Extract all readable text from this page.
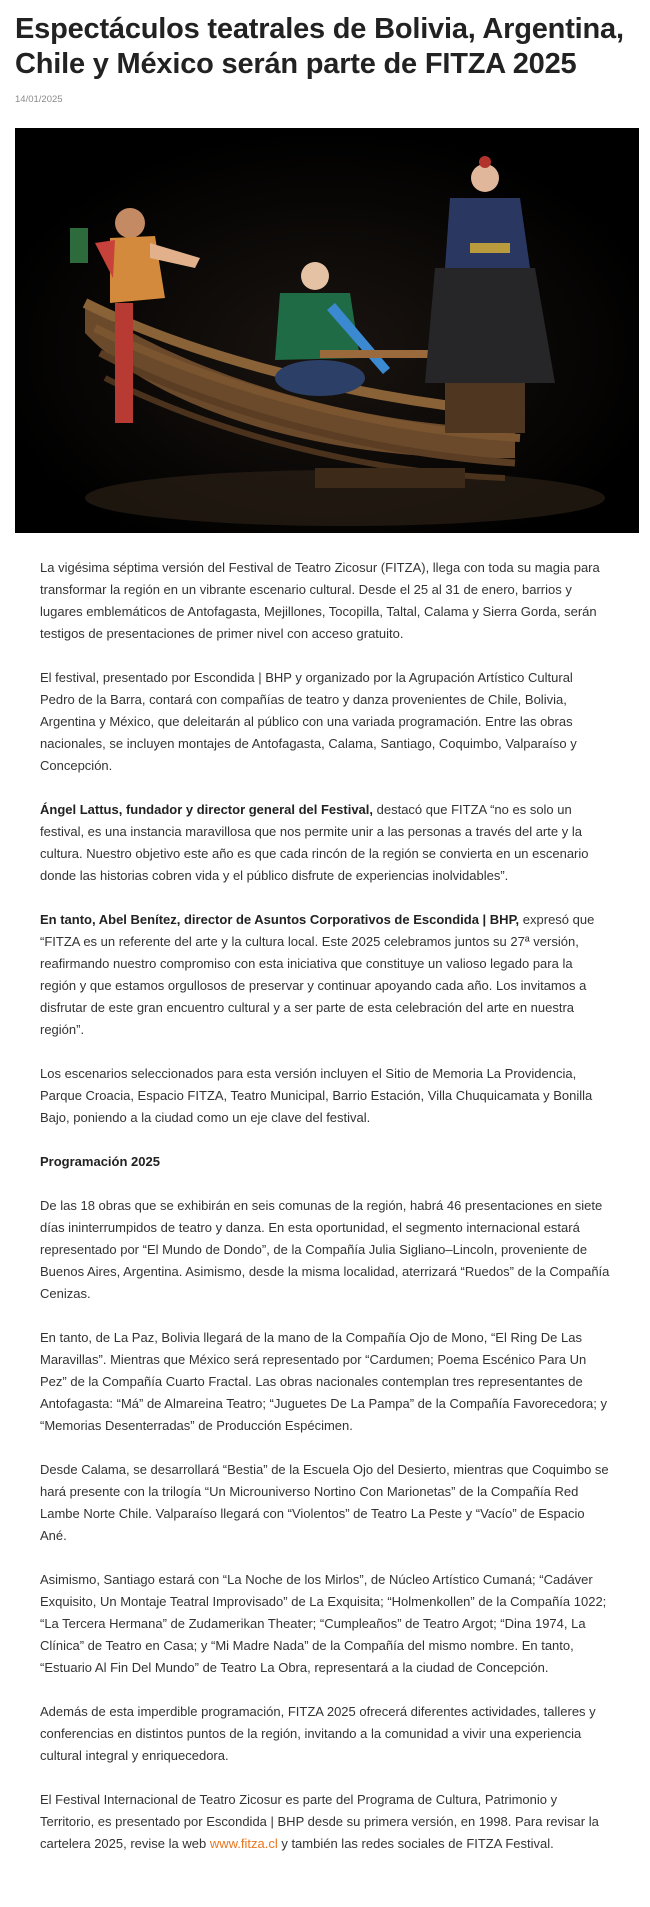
Espectáculos teatrales de Bolivia, Argentina, Chile y México serán parte de FITZA 2025
14/01/2025

La vigésima séptima versión del Festival de Teatro Zicosur (FITZA), llega con toda su magia para transformar la región en un vibrante escenario cultural. Desde el 25 al 31 de enero, barrios y lugares emblemáticos de Antofagasta, Mejillones, Tocopilla, Taltal, Calama y Sierra Gorda, serán testigos de presentaciones de primer nivel con acceso gratuito.

El festival, presentado por Escondida | BHP y organizado por la Agrupación Artístico Cultural Pedro de la Barra, contará con compañías de teatro y danza provenientes de Chile, Bolivia, Argentina y México, que deleitarán al público con una variada programación. Entre las obras nacionales, se incluyen montajes de Antofagasta, Calama, Santiago, Coquimbo, Valparaíso y Concepción.

Ángel Lattus, fundador y director general del Festival, destacó que FITZA “no es solo un festival, es una instancia maravillosa que nos permite unir a las personas a través del arte y la cultura. Nuestro objetivo este año es que cada rincón de la región se convierta en un escenario donde las historias cobren vida y el público disfrute de experiencias inolvidables”.

En tanto, Abel Benítez, director de Asuntos Corporativos de Escondida | BHP, expresó que “FITZA es un referente del arte y la cultura local. Este 2025 celebramos juntos su 27ª versión, reafirmando nuestro compromiso con esta iniciativa que constituye un valioso legado para la región y que estamos orgullosos de preservar y continuar apoyando cada año. Los invitamos a disfrutar de este gran encuentro cultural y a ser parte de esta celebración del arte en nuestra región”.

Los escenarios seleccionados para esta versión incluyen el Sitio de Memoria La Providencia, Parque Croacia, Espacio FITZA, Teatro Municipal, Barrio Estación, Villa Chuquicamata y Bonilla Bajo, poniendo a la ciudad como un eje clave del festival.

Programación 2025

De las 18 obras que se exhibirán en seis comunas de la región, habrá 46 presentaciones en siete días ininterrumpidos de teatro y danza. En esta oportunidad, el segmento internacional estará representado por “El Mundo de Dondo”, de la Compañía Julia Sigliano–Lincoln, proveniente de Buenos Aires, Argentina. Asimismo, desde la misma localidad, aterrizará “Ruedos” de la Compañía Cenizas.

En tanto, de La Paz, Bolivia llegará de la mano de la Compañía Ojo de Mono, “El Ring De Las Maravillas”. Mientras que México será representado por “Cardumen; Poema Escénico Para Un Pez” de la Compañía Cuarto Fractal. Las obras nacionales contemplan tres representantes de Antofagasta: “Má” de Almareina Teatro; “Juguetes De La Pampa” de la Compañía Favorecedora; y “Memorias Desenterradas” de Producción Espécimen.

Desde Calama, se desarrollará “Bestia” de la Escuela Ojo del Desierto, mientras que Coquimbo se hará presente con la trilogía “Un Microuniverso Nortino Con Marionetas” de la Compañía Red Lambe Norte Chile. Valparaíso llegará con “Violentos” de Teatro La Peste y “Vacío” de Espacio Ané.

Asimismo, Santiago estará con “La Noche de los Mirlos”, de Núcleo Artístico Cumaná; “Cadáver Exquisito, Un Montaje Teatral Improvisado” de La Exquisita; “Holmenkollen” de la Compañía 1022; “La Tercera Hermana” de Zudamerikan Theater; “Cumpleaños” de Teatro Argot; “Dina 1974, La Clínica” de Teatro en Casa; y “Mi Madre Nada” de la Compañía del mismo nombre. En tanto, “Estuario Al Fin Del Mundo” de Teatro La Obra, representará a la ciudad de Concepción.

Además de esta imperdible programación, FITZA 2025 ofrecerá diferentes actividades, talleres y conferencias en distintos puntos de la región, invitando a la comunidad a vivir una experiencia cultural integral y enriquecedora.

El Festival Internacional de Teatro Zicosur es parte del Programa de Cultura, Patrimonio y Territorio, es presentado por Escondida | BHP desde su primera versión, en 1998. Para revisar la cartelera 2025, revise la web www.fitza.cl y también las redes sociales de FITZA Festival.
